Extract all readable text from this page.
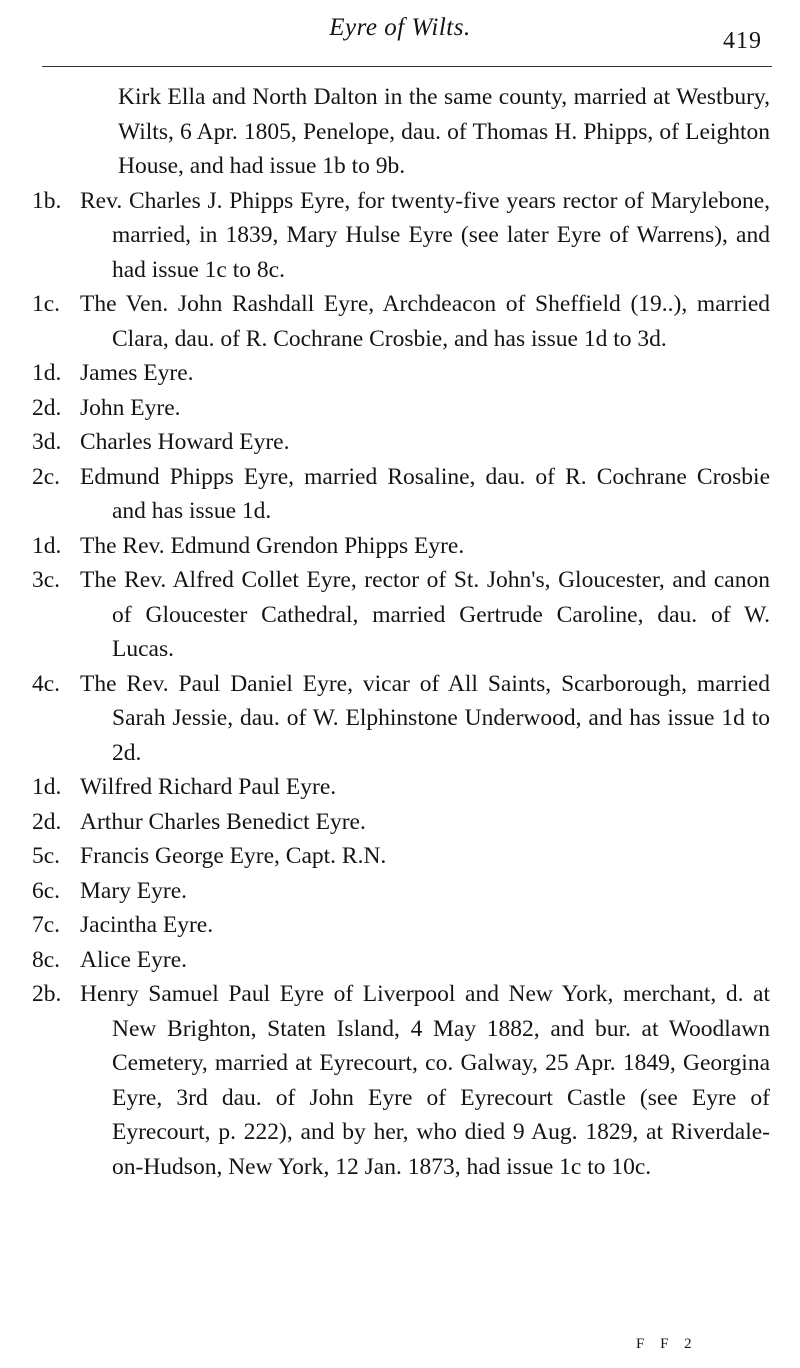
Eyre of Wilts.	419
Kirk Ella and North Dalton in the same county, married at Westbury, Wilts, 6 Apr. 1805, Penelope, dau. of Thomas H. Phipps, of Leighton House, and had issue 1b to 9b.
1b. Rev. Charles J. Phipps Eyre, for twenty-five years rector of Marylebone, married, in 1839, Mary Hulse Eyre (see later Eyre of Warrens), and had issue 1c to 8c.
1c. The Ven. John Rashdall Eyre, Archdeacon of Sheffield (19..), married Clara, dau. of R. Cochrane Crosbie, and has issue 1d to 3d.
1d. James Eyre.
2d. John Eyre.
3d. Charles Howard Eyre.
2c. Edmund Phipps Eyre, married Rosaline, dau. of R. Cochrane Crosbie and has issue 1d.
1d. The Rev. Edmund Grendon Phipps Eyre.
3c. The Rev. Alfred Collet Eyre, rector of St. John's, Gloucester, and canon of Gloucester Cathedral, married Gertrude Caroline, dau. of W. Lucas.
4c. The Rev. Paul Daniel Eyre, vicar of All Saints, Scarborough, married Sarah Jessie, dau. of W. Elphinstone Underwood, and has issue 1d to 2d.
1d. Wilfred Richard Paul Eyre.
2d. Arthur Charles Benedict Eyre.
5c. Francis George Eyre, Capt. R.N.
6c. Mary Eyre.
7c. Jacintha Eyre.
8c. Alice Eyre.
2b. Henry Samuel Paul Eyre of Liverpool and New York, merchant, d. at New Brighton, Staten Island, 4 May 1882, and bur. at Woodlawn Cemetery, married at Eyrecourt, co. Galway, 25 Apr. 1849, Georgina Eyre, 3rd dau. of John Eyre of Eyrecourt Castle (see Eyre of Eyrecourt, p. 222), and by her, who died 9 Aug. 1829, at Riverdale-on-Hudson, New York, 12 Jan. 1873, had issue 1c to 10c.
F F 2
